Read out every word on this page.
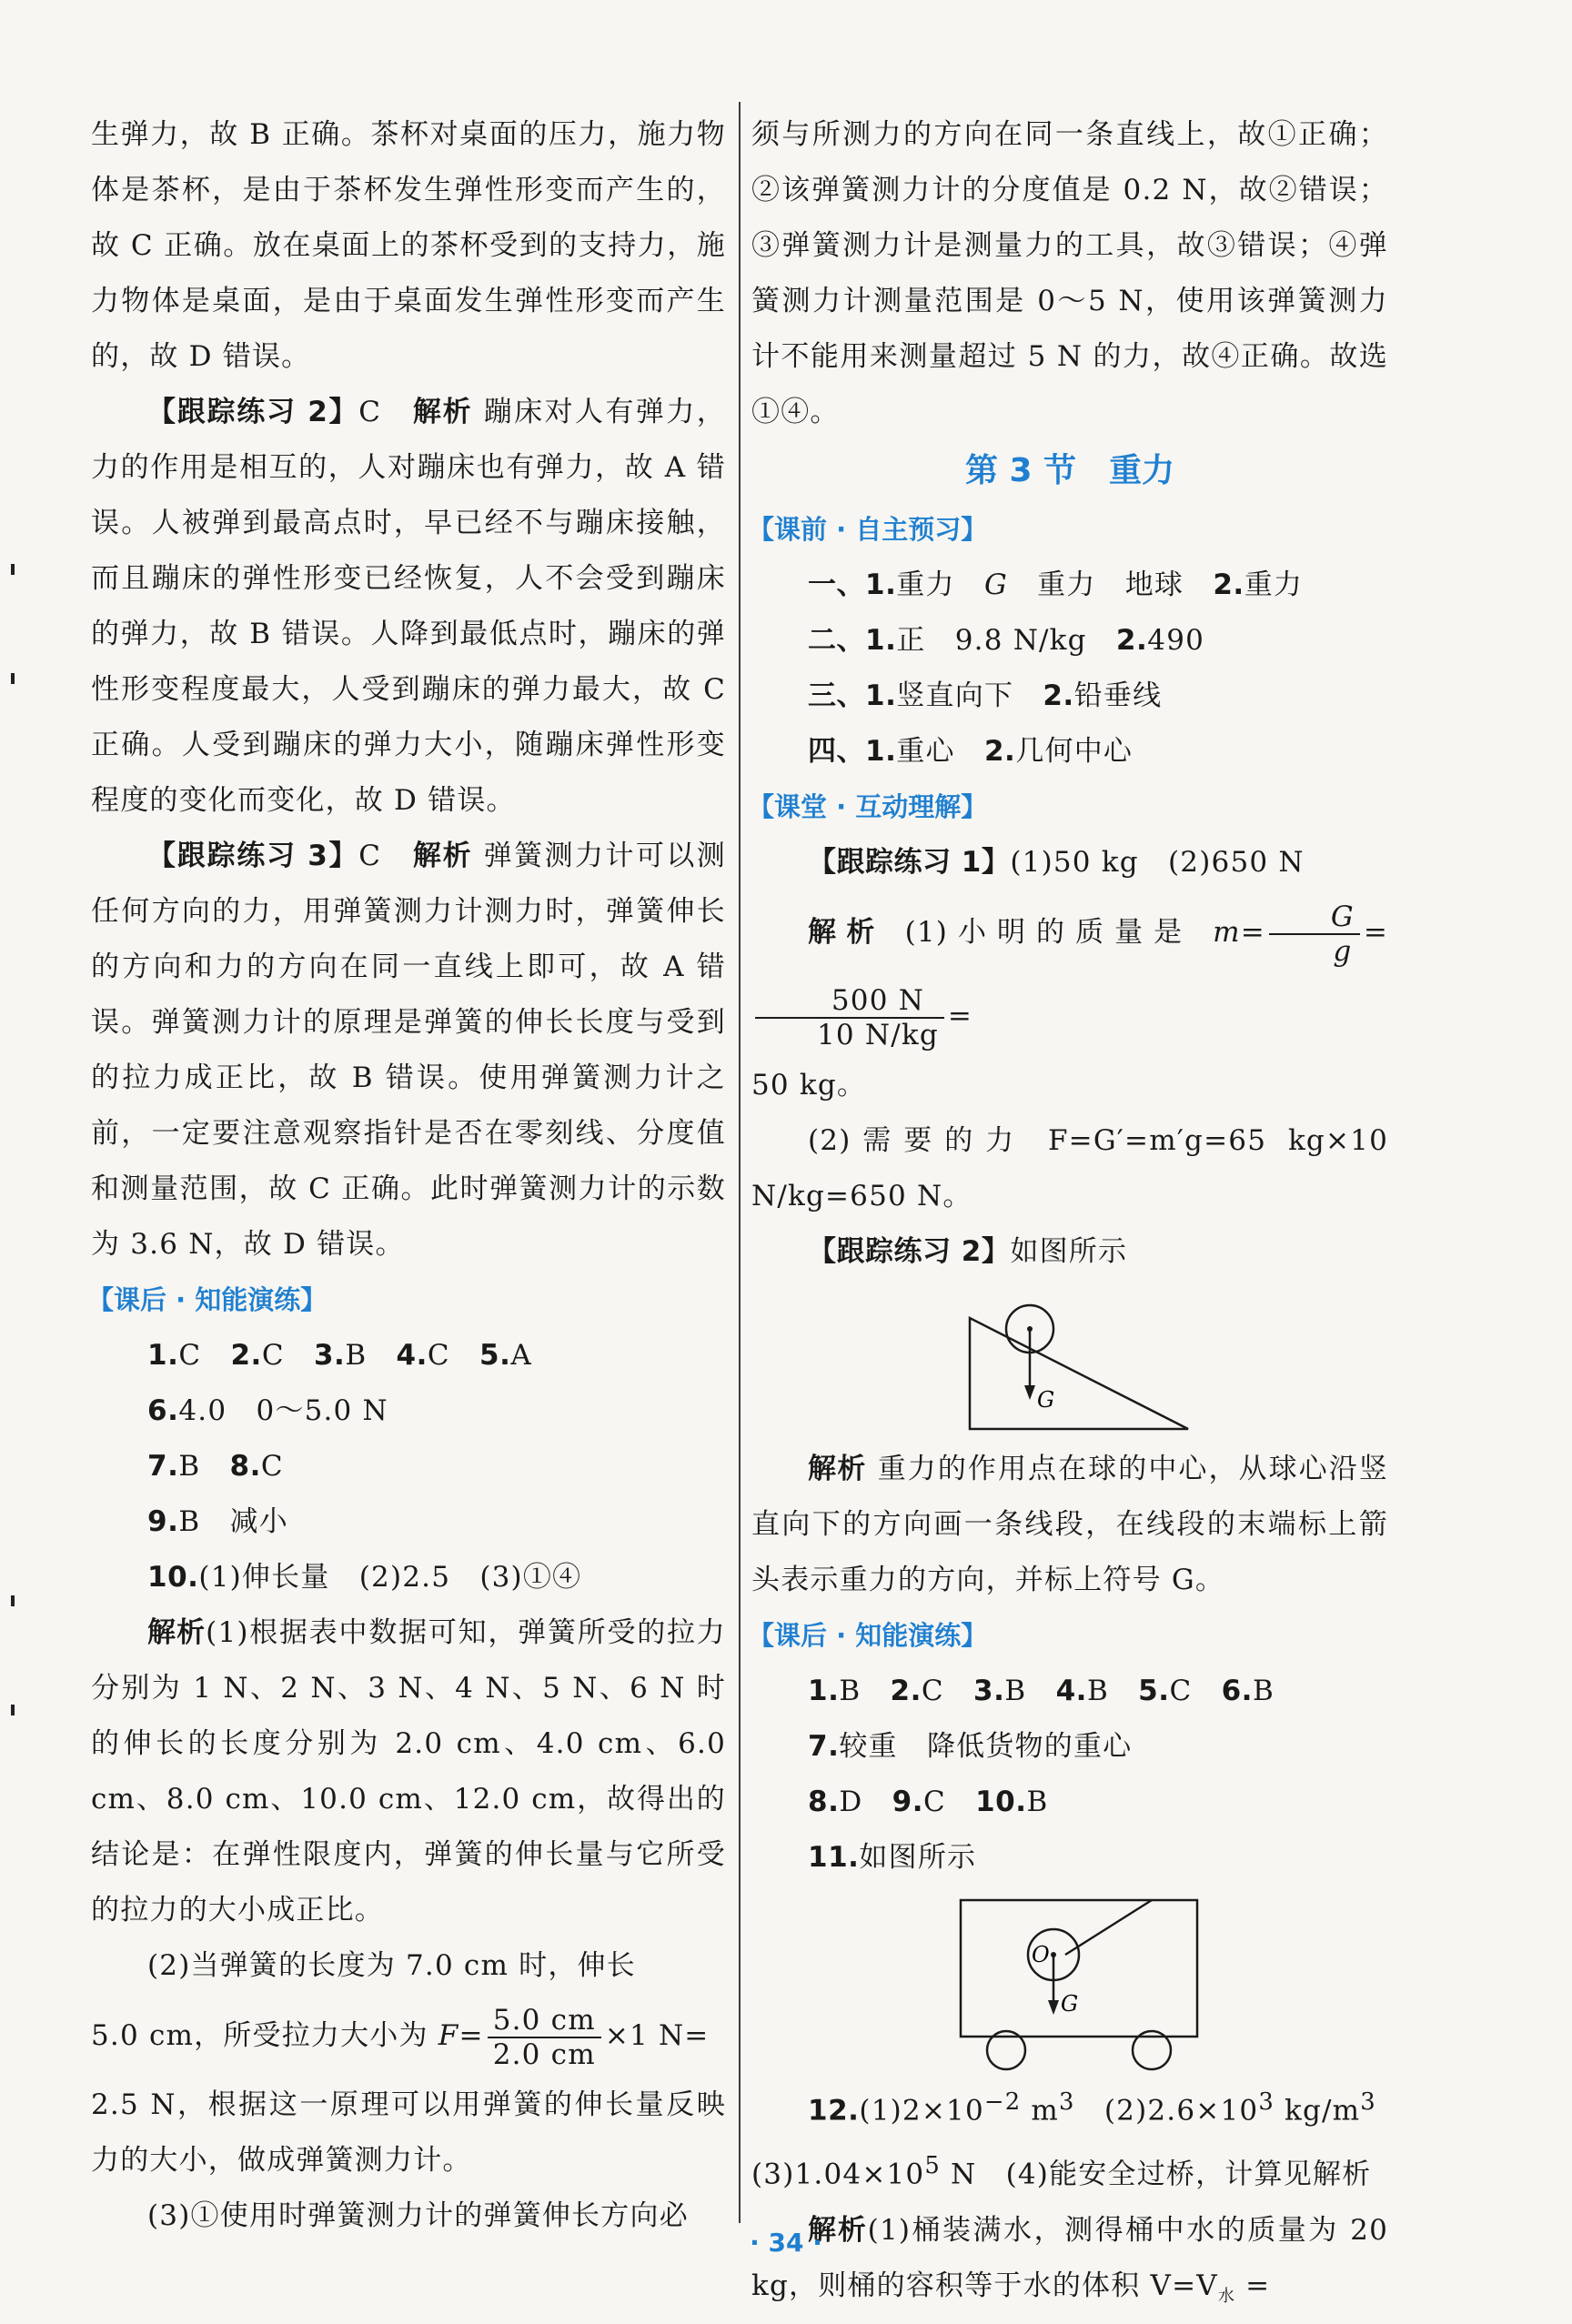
生弹力，故 B 正确。茶杯对桌面的压力，施力物体是茶杯，是由于茶杯发生弹性形变而产生的，故 C 正确。放在桌面上的茶杯受到的支持力，施力物体是桌面，是由于桌面发生弹性形变而产生的，故 D 错误。

【跟踪练习 2】C　 解析 蹦床对人有弹力，力的作用是相互的，人对蹦床也有弹力，故 A 错误。人被弹到最高点时，早已经不与蹦床接触，而且蹦床的弹性形变已经恢复，人不会受到蹦床的弹力，故 B 错误。人降到最低点时，蹦床的弹性形变程度最大，人受到蹦床的弹力最大，故 C 正确。人受到蹦床的弹力大小，随蹦床弹性形变程度的变化而变化，故 D 错误。

【跟踪练习 3】C　 解析 弹簧测力计可以测任何方向的力，用弹簧测力计测力时，弹簧伸长的方向和力的方向在同一直线上即可，故 A 错误。弹簧测力计的原理是弹簧的伸长长度与受到的拉力成正比，故 B 错误。使用弹簧测力计之前，一定要注意观察指针是否在零刻线、分度值和测量范围，故 C 正确。此时弹簧测力计的示数为 3.6 N，故 D 错误。

【课后 · 知能演练】

1.C　 2.C　 3.B　 4.C　 5.A

6.4.0　0～5.0 N

7.B　 8.C

9.B　减小

10.(1)伸长量　(2)2.5　(3)①④

解析(1)根据表中数据可知，弹簧所受的拉力分别为 1 N、2 N、3 N、4 N、5 N、6 N 时的伸长的长度分别为 2.0 cm、4.0 cm、6.0 cm、8.0 cm、10.0 cm、12.0 cm，故得出的结论是：在弹性限度内，弹簧的伸长量与它所受的拉力的大小成正比。

(2)当弹簧的长度为 7.0 cm 时，伸长

5.0 cm，所受拉力大小为 $F= \frac{5.0 cm}{2.0 cm} \times 1$ N=

2.5 N，根据这一原理可以用弹簧的伸长量反映力的大小，做成弹簧测力计。

(3)①使用时弹簧测力计的弹簧伸长方向必

须与所测力的方向在同一条直线上，故①正确；②该弹簧测力计的分度值是 0.2 N，故②错误；③弹簧测力计是测量力的工具，故③错误；④弹簧测力计测量范围是 0～5 N，使用该弹簧测力计不能用来测量超过 5 N 的力，故④正确。故选①④。

第 3 节　重力
【课前 · 自主预习】

一、1.重力　G　重力　地球　2.重力

二、1.正　9.8 N/kg　2.490

三、1.竖直向下　2.铅垂线

四、1.重心　2.几何中心

【课堂 · 互动理解】

【跟踪练习 1】(1)50 kg　(2)650 N

解析 (1)小明的质量是 $m= \frac{G}{g}$ =
$\frac{500 N}{10 N/kg}$ =

50 kg。

(2)需要的力 F=G′=m′g=65 kg×10 N/kg=650 N。

【跟踪练习 2】如图所示

G

解析 重力的作用点在球的中心，从球心沿竖直向下的方向画一条线段，在线段的末端标上箭头表示重力的方向，并标上符号 G。

【课后 · 知能演练】

1.B　 2.C　 3.B　 4.B　 5.C　 6.B

7.较重　降低货物的重心

8.D　 9.C　 10.B

11.如图所示

O
G

$12.(1)2\times 10^{-2}$ $m^3$　$(2)2.6\times 10^3$ $kg/m^3$

$(3)1.04\times 10^5$ N　(4)能安全过桥，计算见解析

解析(1)桶装满水，测得桶中水的质量为 20 kg，则桶的容积等于水的体积 $V=V_水$ =

· 34 ·
